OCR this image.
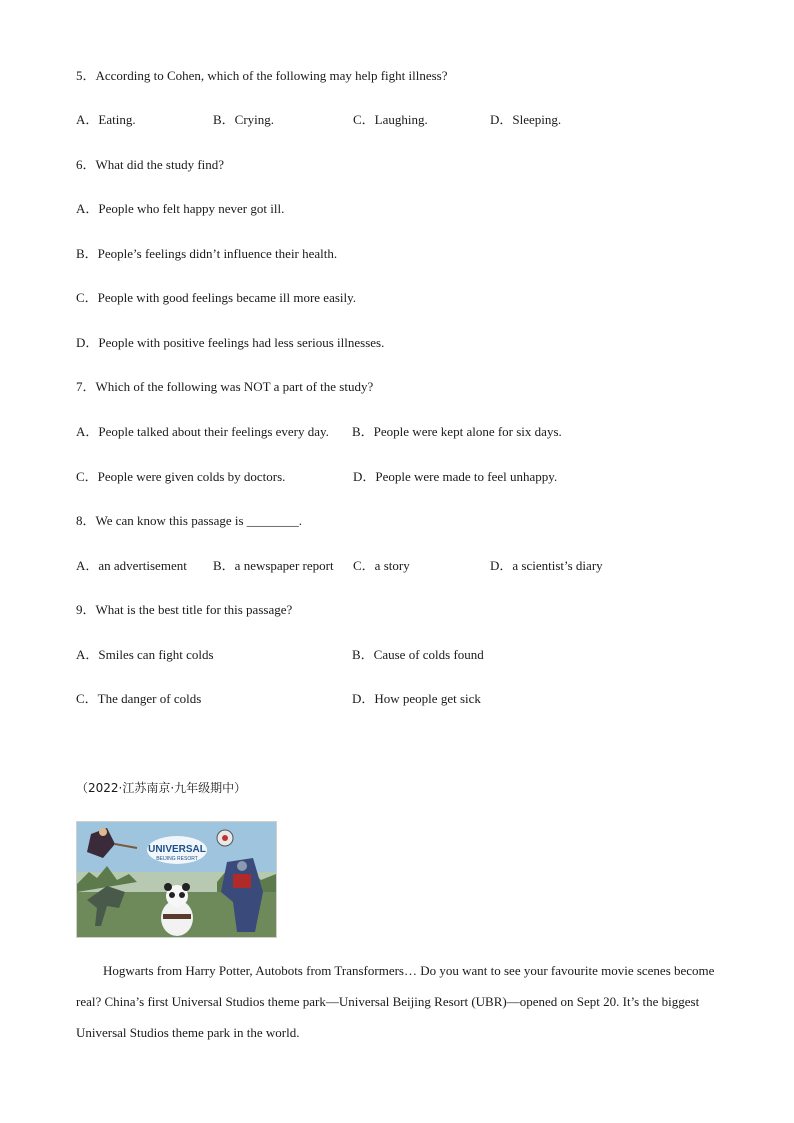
5．According to Cohen, which of the following may help fight illness?
A．Eating.	B．Crying.	C．Laughing.	D．Sleeping.
6．What did the study find?
A．People who felt happy never got ill.
B．People’s feelings didn’t influence their health.
C．People with good feelings became ill more easily.
D．People with positive feelings had less serious illnesses.
7．Which of the following was NOT a part of the study?
A．People talked about their feelings every day. B．People were kept alone for six days.
C．People were given colds by doctors.	D．People were made to feel unhappy.
8．We can know this passage is ________.
A．an advertisement B．a newspaper report C．a story	D．a scientist’s diary
9．What is the best title for this passage?
A．Smiles can fight colds	B．Cause of colds found
C．The danger of colds	D．How people get sick
（2022·江苏南京·九年级期中）
UNIVERSAL
BEIJING RESORT
Hogwarts from Harry Potter, Autobots from Transformers… Do you want to see your favourite movie scenes become real? China’s first Universal Studios theme park—Universal Beijing Resort (UBR)—opened on Sept 20. It’s the biggest Universal Studios theme park in the world.
